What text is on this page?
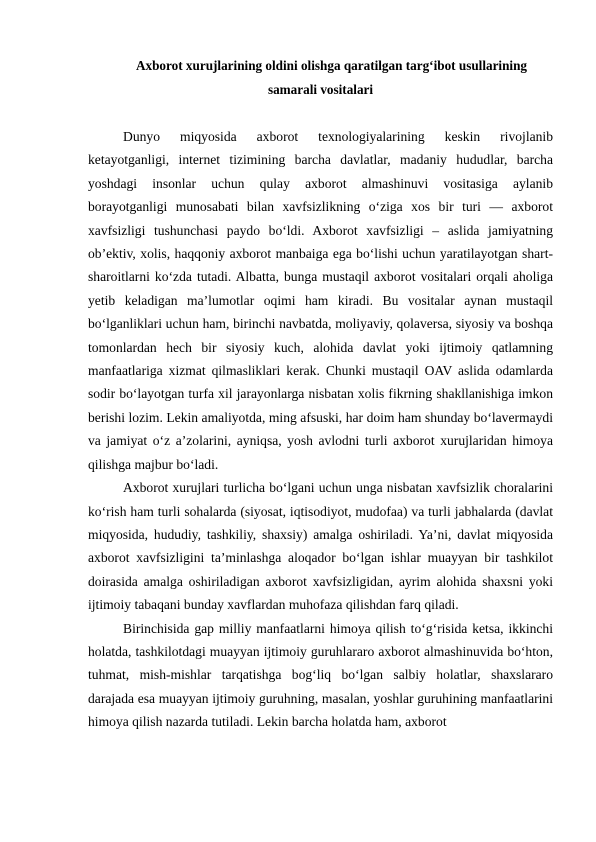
Axborot xurujlarining oldini olishga qaratilgan targ‘ibot usullarining
samarali vositalari

Dunyo miqyosida axborot texnologiyalarining keskin rivojlanib ketayotganligi, internet tizimining barcha davlatlar, madaniy hududlar, barcha yoshdagi insonlar uchun qulay axborot almashinuvi vositasiga aylanib borayotganligi munosabati bilan xavfsizlikning o‘ziga xos bir turi — axborot xavfsizligi tushunchasi paydo bo‘ldi. Axborot xavfsizligi – aslida jamiyatning ob’ektiv, xolis, haqqoniy axborot manbaiga ega bo‘lishi uchun yaratilayotgan shart-sharoitlarni ko‘zda tutadi. Albatta, bunga mustaqil axborot vositalari orqali aholiga yetib keladigan ma’lumotlar oqimi ham kiradi. Bu vositalar aynan mustaqil bo‘lganliklari uchun ham, birinchi navbatda, moliyaviy, qolaversa, siyosiy va boshqa tomonlardan hech bir siyosiy kuch, alohida davlat yoki ijtimoiy qatlamning manfaatlariga xizmat qilmasliklari kerak. Chunki mustaqil OAV aslida odamlarda sodir bo‘layotgan turfa xil jarayonlarga nisbatan xolis fikrning shakllanishiga imkon berishi lozim. Lekin amaliyotda, ming afsuski, har doim ham shunday bo‘lavermaydi va jamiyat o‘z a’zolarini, ayniqsa, yosh avlodni turli axborot xurujlaridan himoya qilishga majbur bo‘ladi.

Axborot xurujlari turlicha bo‘lgani uchun unga nisbatan xavfsizlik choralarini ko‘rish ham turli sohalarda (siyosat, iqtisodiyot, mudofaa) va turli jabhalarda (davlat miqyosida, hududiy, tashkiliy, shaxsiy) amalga oshiriladi. Ya’ni, davlat miqyosida axborot xavfsizligini ta’minlashga aloqador bo‘lgan ishlar muayyan bir tashkilot doirasida amalga oshiriladigan axborot xavfsizligidan, ayrim alohida shaxsni yoki ijtimoiy tabaqani bunday xavflardan muhofaza qilishdan farq qiladi.

Birinchisida gap milliy manfaatlarni himoya qilish to‘g‘risida ketsa, ikkinchi holatda, tashkilotdagi muayyan ijtimoiy guruhlararo axborot almashinuvida bo‘hton, tuhmat, mish-mishlar tarqatishga bog‘liq bo‘lgan salbiy holatlar, shaxslararo darajada esa muayyan ijtimoiy guruhning, masalan, yoshlar guruhining manfaatlarini himoya qilish nazarda tutiladi. Lekin barcha holatda ham, axborot
